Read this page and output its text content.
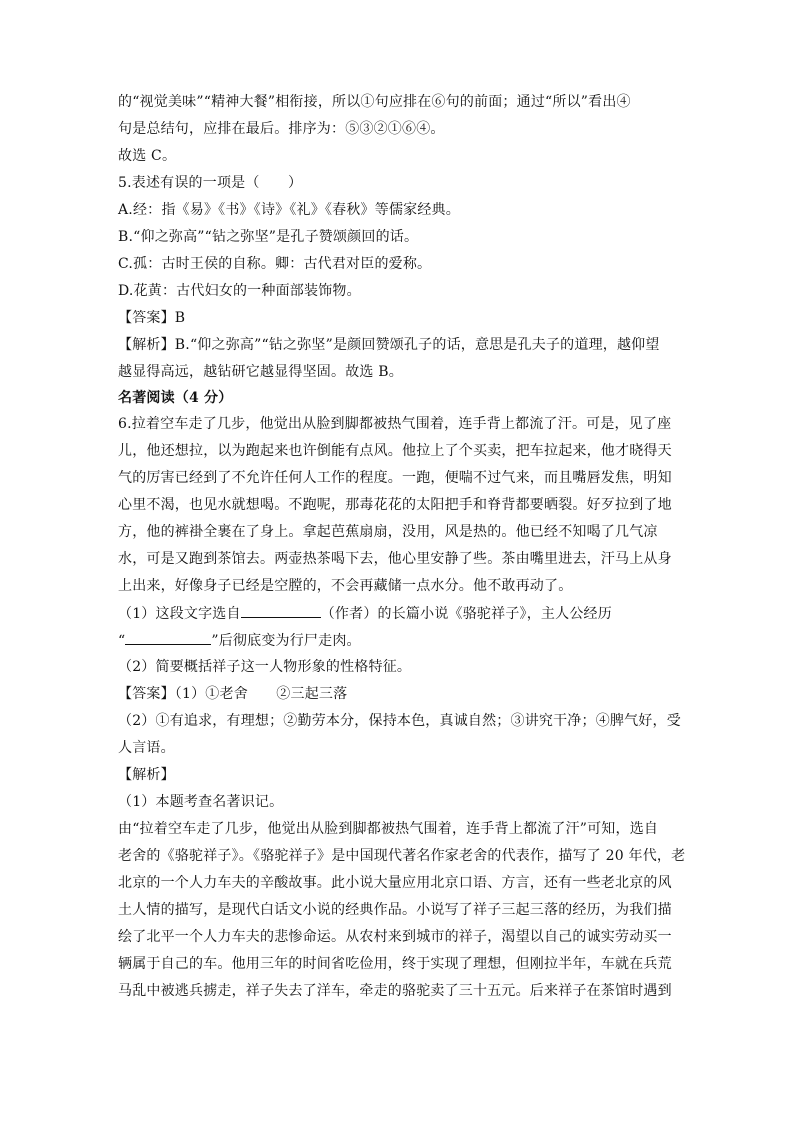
的“视觉美味”“精神大餐”相衔接，所以①句应排在⑥句的前面；通过“所以”看出④
句是总结句，应排在最后。排序为：⑤③②①⑥④。
故选 C。
5.表述有误的一项是（　　）
A.经：指《易》《书》《诗》《礼》《春秋》等儒家经典。
B.“仰之弥高”“钻之弥坚”是孔子赞颂颜回的话。
C.孤：古时王侯的自称。卿：古代君对臣的爱称。
D.花黄：古代妇女的一种面部装饰物。
【答案】B
【解析】B.“仰之弥高”“钻之弥坚”是颜回赞颂孔子的话，意思是孔夫子的道理，越仰望
越显得高远，越钻研它越显得坚固。故选 B。
名著阅读（4 分）
6.拉着空车走了几步，他觉出从脸到脚都被热气围着，连手背上都流了汗。可是，见了座
儿，他还想拉，以为跑起来也许倒能有点风。他拉上了个买卖，把车拉起来，他才晓得天
气的厉害已经到了不允许任何人工作的程度。一跑，便喘不过气来，而且嘴唇发焦，明知
心里不渴，也见水就想喝。不跑呢，那毒花花的太阳把手和脊背都要晒裂。好歹拉到了地
方，他的裤褂全裹在了身上。拿起芭蕉扇扇，没用，风是热的。他已经不知喝了几气凉
水，可是又跑到茶馆去。两壶热茶喝下去，他心里安静了些。茶由嘴里进去，汗马上从身
上出来，好像身子已经是空膛的，不会再藏储一点水分。他不敢再动了。
（1）这段文字选自	（作者）的长篇小说《骆驼祥子》，主人公经历
“	”后彻底变为行尸走肉。
（2）简要概括祥子这一人物形象的性格特征。
【答案】（1）①老舍　　②三起三落
（2）①有追求，有理想；②勤劳本分，保持本色，真诚自然；③讲究干净；④脾气好，受
人言语。
【解析】
（1）本题考查名著识记。
由“拉着空车走了几步，他觉出从脸到脚都被热气围着，连手背上都流了汗”可知，选自
老舍的《骆驼祥子》。《骆驼祥子》是中国现代著名作家老舍的代表作，描写了 20 年代，老
北京的一个人力车夫的辛酸故事。此小说大量应用北京口语、方言，还有一些老北京的风
土人情的描写，是现代白话文小说的经典作品。小说写了祥子三起三落的经历，为我们描
绘了北平一个人力车夫的悲惨命运。从农村来到城市的祥子，渴望以自己的诚实劳动买一
辆属于自己的车。他用三年的时间省吃俭用，终于实现了理想，但刚拉半年，车就在兵荒
马乱中被逃兵掳走，祥子失去了洋车，牵走的骆驼卖了三十五元。后来祥子在茶馆时遇到
